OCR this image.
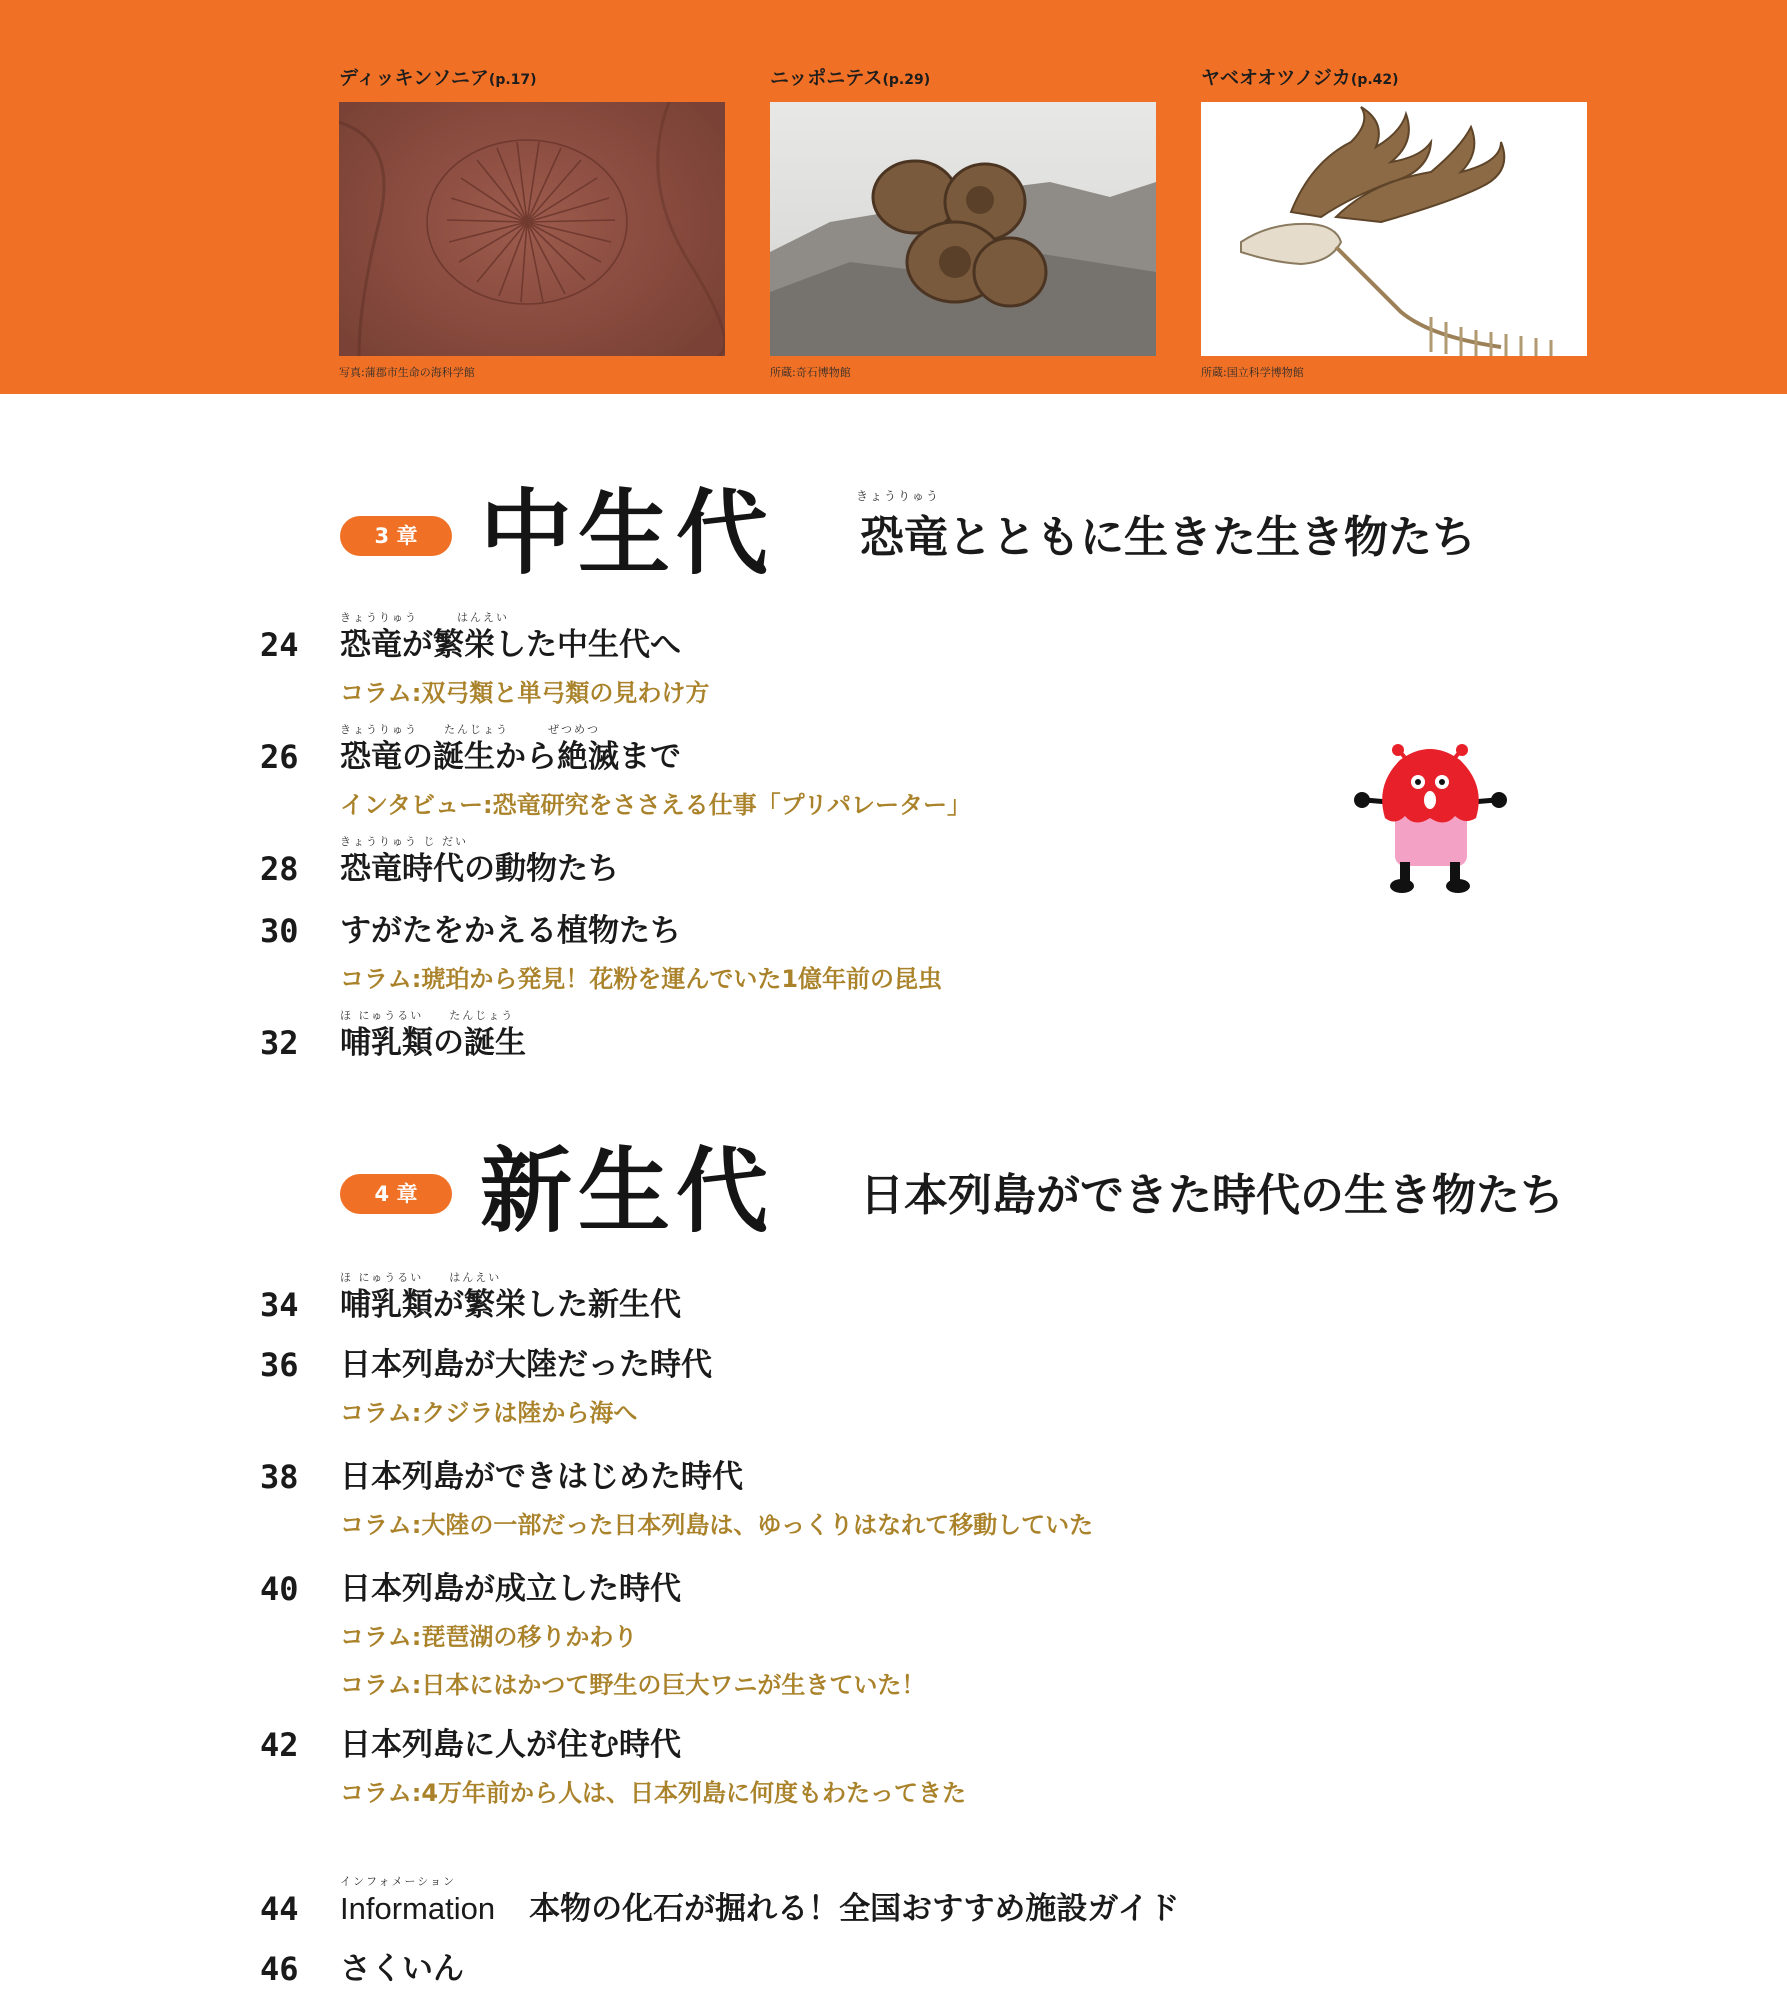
ディッキンソニア(p.17)
写真:蒲郡市生命の海科学館
ニッポニテス(p.29)
所蔵:奇石博物館
ヤベオオツノジカ(p.42)
所蔵:国立科学博物館
3 章 中生代	きょうりゅう
恐竜とともに生きた生き物たち
きょうりゅう　　　はんえい
24 恐竜が繁栄した中生代へ
コラム:双弓類と単弓類の見わけ方
きょうりゅう　　たんじょう　　　ぜつめつ
26 恐竜の誕生から絶滅まで
インタビュー:恐竜研究をささえる仕事「プリパレーター」
きょうりゅう じ だい
28 恐竜時代の動物たち
30 すがたをかえる植物たち
コラム:琥珀から発見！花粉を運んでいた1億年前の昆虫
ほ にゅうるい　　たんじょう
32 哺乳類の誕生
4 章 新生代 日本列島ができた時代の生き物たち
ほ にゅうるい　　はんえい
34 哺乳類が繁栄した新生代
36 日本列島が大陸だった時代
コラム:クジラは陸から海へ
38 日本列島ができはじめた時代
コラム:大陸の一部だった日本列島は、ゆっくりはなれて移動していた
40 日本列島が成立した時代
コラム:琵琶湖の移りかわり
コラム:日本にはかつて野生の巨大ワニが生きていた！
42 日本列島に人が住む時代
コラム:4万年前から人は、日本列島に何度もわたってきた
インフォメーション
44 Information 本物の化石が掘れる！全国おすすめ施設ガイド
46 さくいん
